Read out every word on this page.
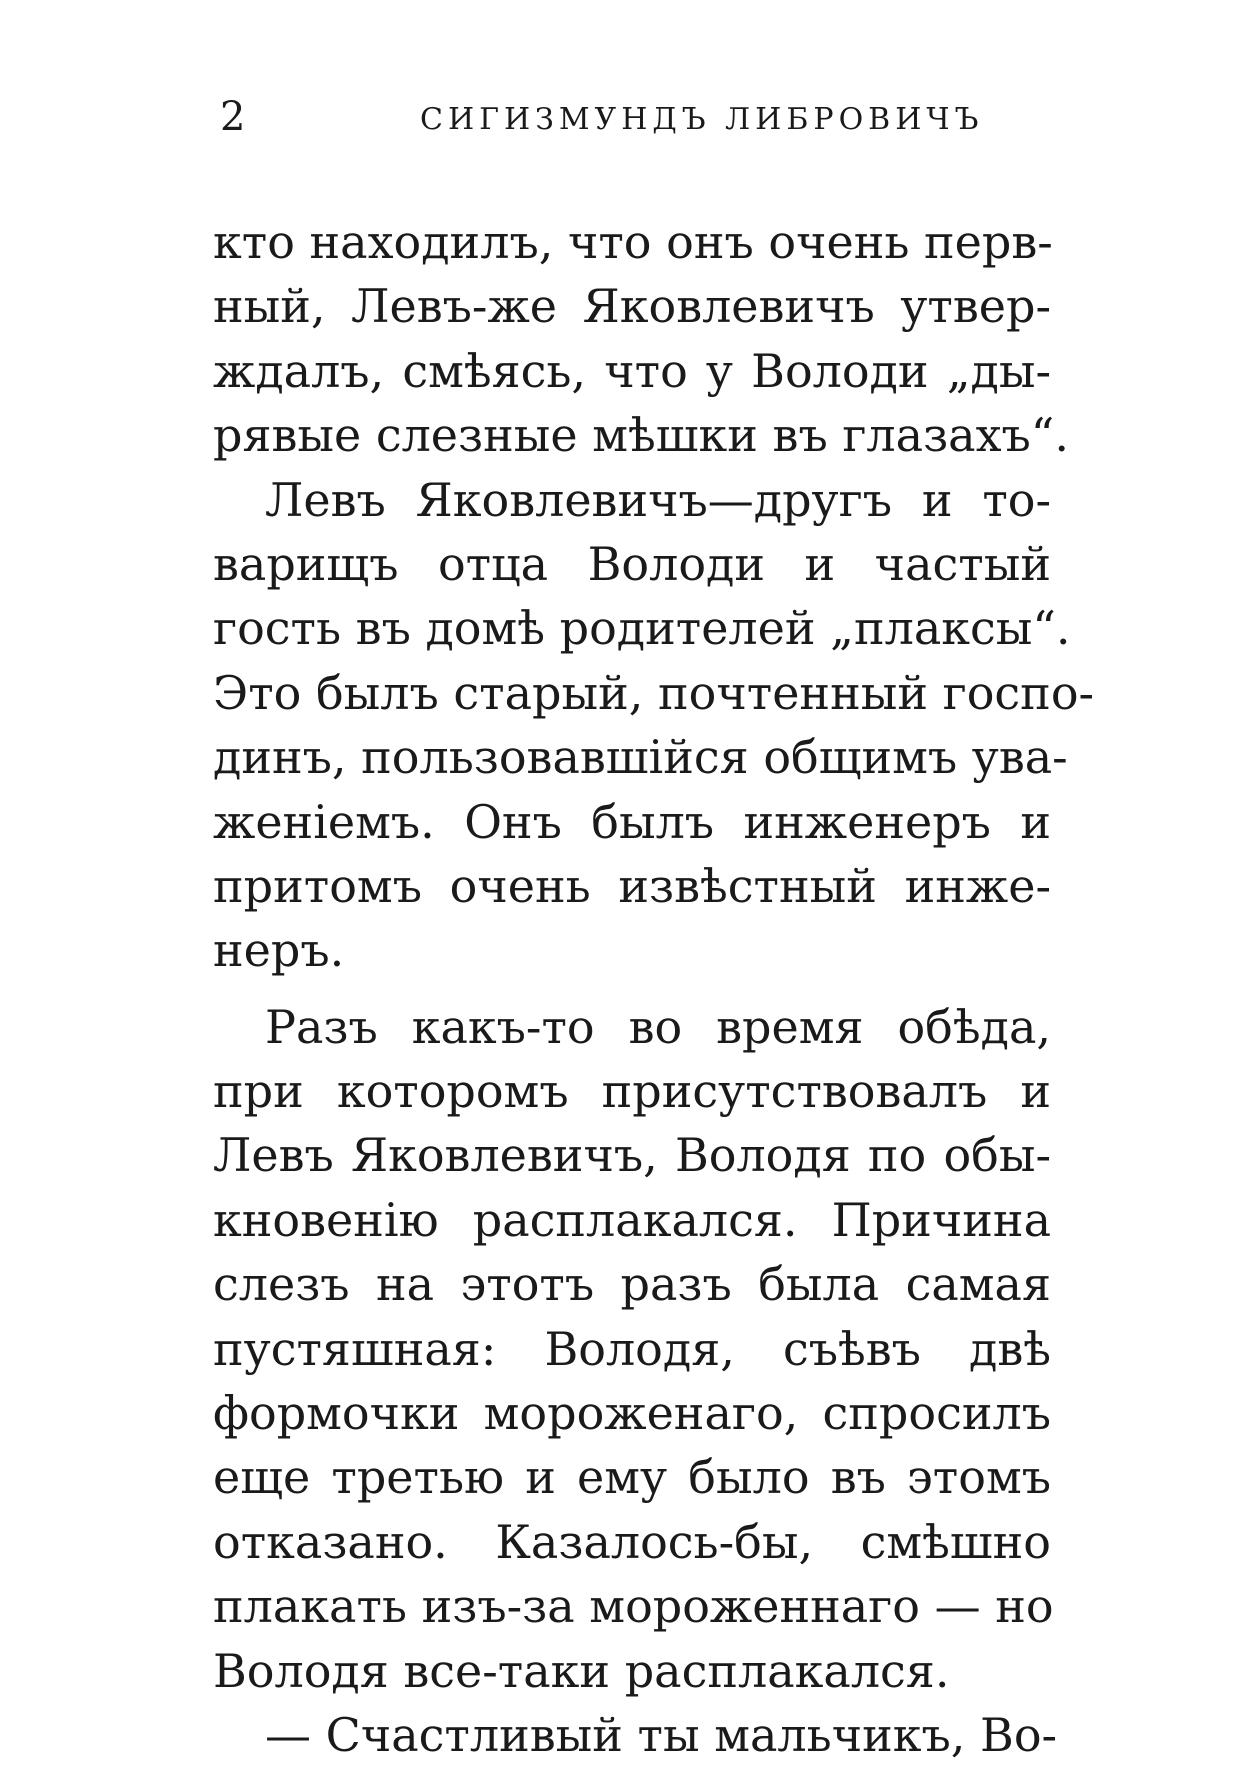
2	СИГИЗМУНДЪ ЛИБРОВИЧЪ
кто находилъ, что онъ очень перв-
ный, Левъ-же Яковлевичъ утвер-
ждалъ, смѣясь, что у Володи „ды-
рявые слезные мѣшки въ глазахъ“.
Левъ Яковлевичъ—другъ и то-
варищъ отца Володи и частый
гость въ домѣ родителей „плаксы“.
Это былъ старый, почтенный госпо-
динъ, пользовавшійся общимъ ува-
женіемъ. Онъ былъ инженеръ и
притомъ очень извѣстный инже-
неръ.
Разъ какъ-то во время обѣда,
при которомъ присутствовалъ и
Левъ Яковлевичъ, Володя по обы-
кновенію расплакался. Причина
слезъ на этотъ разъ была самая
пустяшная: Володя, съѣвъ двѣ
формочки мороженаго, спросилъ
еще третью и ему было въ этомъ
отказано. Казалось-бы, смѣшно
плакать изъ-за мороженнаго — но
Володя все-таки расплакался.
— Счастливый ты мальчикъ, Во-
